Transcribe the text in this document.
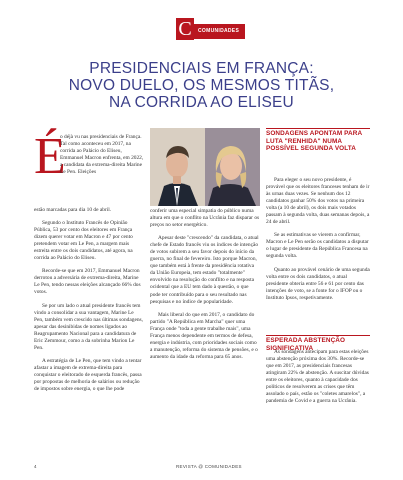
C	COMUNIDADES
PRESIDENCIAIS EM FRANÇA:
NOVO DUELO, OS MESMOS TITÃS,
NA CORRIDA AO ELISEU
É

o déjà vu nas presidenciais de França. Tal como aconteceu em 2017, na corrida ao Palácio do Eliseu, Emmanuel Macron enfrenta, em 2022, a candidata da extrema-direita Marine Le Pen. Eleições

estão marcadas para dia 10 de abril.

Segundo o Instituto Francês de Opinião Pública, 53 por cento dos eleitores em França dizem querer votar em Macron e 47 por cento pretendem votar em Le Pen, a margem mais estreita entre os dois candidatos, até agora, na corrida ao Palácio do Eliseu.

Recorde-se que em 2017, Emmanuel Macron derrotou a adversária de extrema-direita, Marine Le Pen, tendo nessas eleições alcançado 66% dos votos.

Se por um lado o atual presidente francês tem vindo a consolidar a sua vantagem, Marine Le Pen, também vem crescido nas últimas sondagens, apesar das desinibidas de nomes ligados ao Reagrupamento Nacional para a candidatura de Eric Zemmour, como a da sobrinha Marion Le Pen.

A estratégia de Le Pen, que tem vindo a tentar afastar a imagem de extrema-direita para conquistar o eleitorado de esquerda francês, passa por propostas de melhoria de salários ou redução de impostos sobre energia, o que lhe pode

conferir uma especial simpatia do público numa altura em que o conflito na Ucrânia faz disparar os preços no setor energético.

Apesar deste "crescendo" da candidata, o atual chefe de Estado francês viu os índices de intenção de votos subirem a seu favor depois do início da guerra, no final de fevereiro. Isto porque Macron, que também está à frente da presidência rotativa da União Europeia, tem estado "totalmente" envolvido na resolução do conflito e na resposta ocidental que a EU tem dado à questão, o que pode ter contribuído para o seu resultado nas pesquisas e no índice de popularidade.

Mais liberal do que em 2017, o candidato do partido "A República em Marcha" quer uma França onde "toda a gente trabalhe mais", uma França menos dependente em termos de defesa, energia e indústria, com prioridades sociais como a manutenção, reforma do sistema de pensões, e o aumento da idade da reforma para 65 anos.

SONDAGENS APONTAM PARA LUTA "RENHIDA" NUMA POSSÍVEL SEGUNDA VOLTA

Para eleger o seu novo presidente, é provável que os eleitores franceses tenham de ir às urnas duas vezes. Se nenhum dos 12 candidatos ganhar 50% dos votos na primeira volta (a 10 de abril), os dois mais votados passam à segunda volta, duas semanas depois, a 24 de abril.

Se as estimativas se vierem a confirmar, Macron e Le Pen serão os candidatos a disputar o lugar de presidente da República Francesa na segunda volta.

Quanto ao provável cenário de uma segunda volta entre os dois candidatos, o atual presidente obteria entre 56 e 61 por cento das intenções de voto, se a fonte for o IFOP ou o Instituto Ipsos, respetivamente.

ESPERADA ABSTENÇÃO SIGNIFICATIVA

As sondagens antecipam para estas eleições uma abstenção próxima dos 30%. Recorde-se que em 2017, as presidenciais francesas atingiram 22% de abstenção. A suscitar dúvidas entre os eleitores, quanto à capacidade dos políticos de resolverem as crises que têm assolado o país, estão os "coletes amarelos", a pandemia de Covid e a guerra na Ucrânia.

4	REVISTA @ COMUNIDADES
